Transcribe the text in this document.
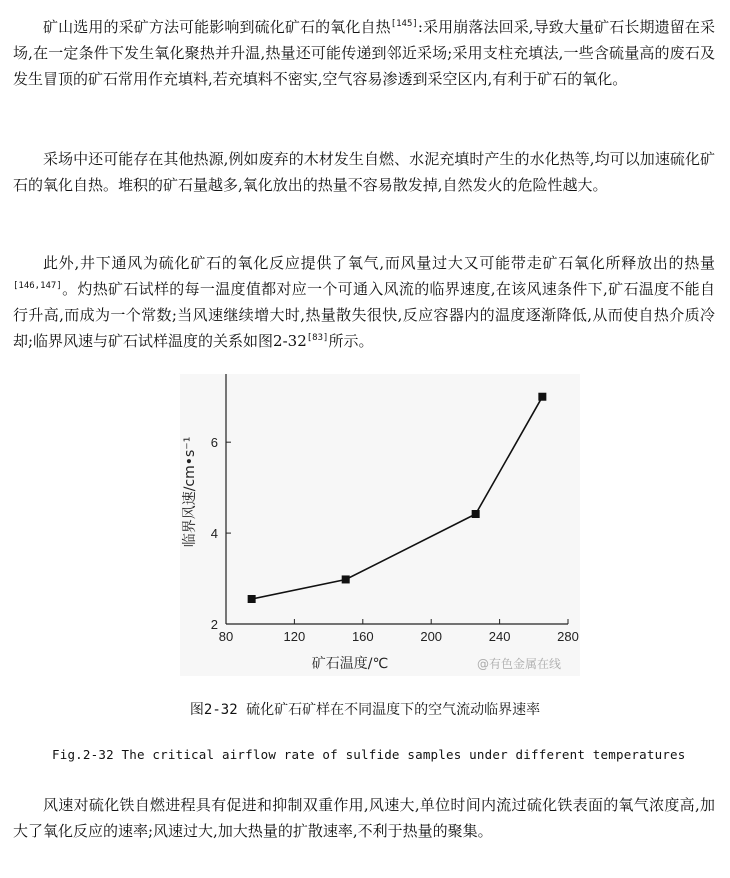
矿山选用的采矿方法可能影响到硫化矿石的氧化自热[145]:采用崩落法回采,导致大量矿石长期遗留在采场,在一定条件下发生氧化聚热并升温,热量还可能传递到邻近采场;采用支柱充填法,一些含硫量高的废石及发生冒顶的矿石常用作充填料,若充填料不密实,空气容易渗透到采空区内,有利于矿石的氧化。

采场中还可能存在其他热源,例如废弃的木材发生自燃、水泥充填时产生的水化热等,均可以加速硫化矿石的氧化自热。堆积的矿石量越多,氧化放出的热量不容易散发掉,自然发火的危险性越大。

此外,井下通风为硫化矿石的氧化反应提供了氧气,而风量过大又可能带走矿石氧化所释放出的热量[146,147]。灼热矿石试样的每一温度值都对应一个可通入风流的临界速度,在该风速条件下,矿石温度不能自行升高,而成为一个常数;当风速继续增大时,热量散失很快,反应容器内的温度逐渐降低,从而使自热介质冷却;临界风速与矿石试样温度的关系如图2-32[83]所示。

80	120	160	200	240	280
2
4
6
临界风速/cm•s⁻¹
矿石温度/℃	@有色金属在线
图2-32 硫化矿石矿样在不同温度下的空气流动临界速率
Fig.2-32 The critical airflow rate of sulfide samples under different temperatures

风速对硫化铁自燃进程具有促进和抑制双重作用,风速大,单位时间内流过硫化铁表面的氧气浓度高,加大了氧化反应的速率;风速过大,加大热量的扩散速率,不利于热量的聚集。
